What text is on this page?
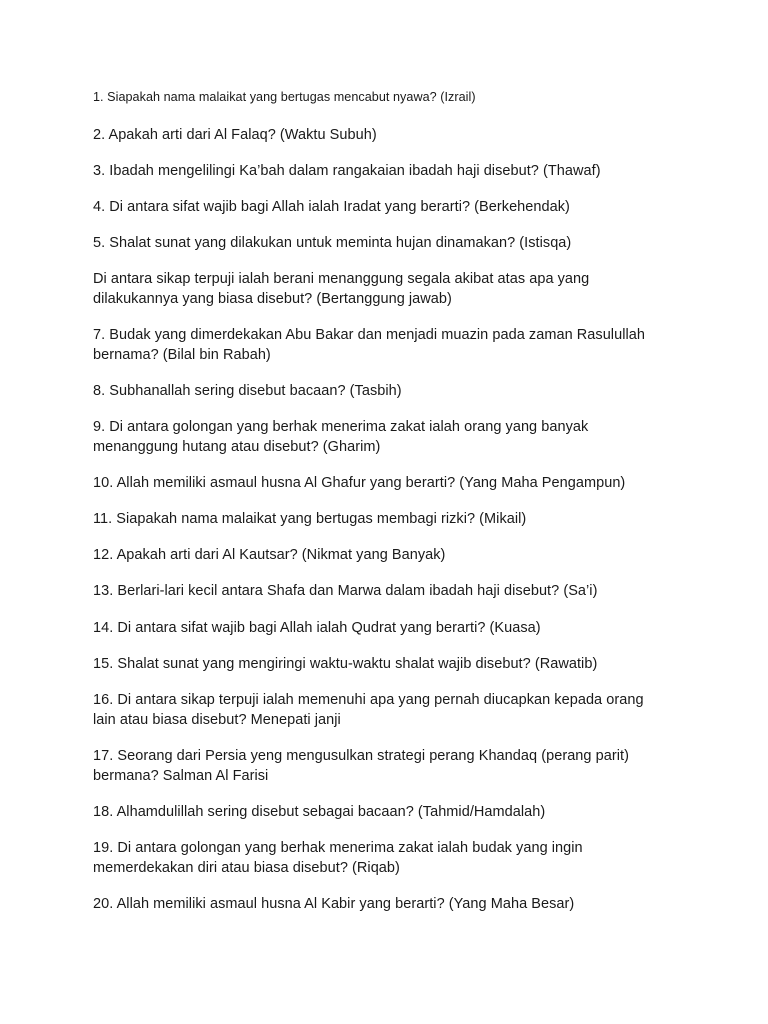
1. Siapakah nama malaikat yang bertugas mencabut nyawa? (Izrail)
2. Apakah arti dari Al Falaq? (Waktu Subuh)
3. Ibadah mengelilingi Ka’bah dalam rangakaian ibadah haji disebut? (Thawaf)
4. Di antara sifat wajib bagi Allah ialah Iradat yang berarti? (Berkehendak)
5. Shalat sunat yang dilakukan untuk meminta hujan dinamakan? (Istisqa)
Di antara sikap terpuji ialah berani menanggung segala akibat atas apa yang
dilakukannya yang biasa disebut? (Bertanggung jawab)
7. Budak yang dimerdekakan Abu Bakar dan menjadi muazin pada zaman Rasulullah
bernama? (Bilal bin Rabah)
8. Subhanallah sering disebut bacaan? (Tasbih)
9. Di antara golongan yang berhak menerima zakat ialah orang yang banyak
menanggung hutang atau disebut? (Gharim)
10. Allah memiliki asmaul husna Al Ghafur yang berarti? (Yang Maha Pengampun)
11. Siapakah nama malaikat yang bertugas membagi rizki? (Mikail)
12. Apakah arti dari Al Kautsar? (Nikmat yang Banyak)
13. Berlari-lari kecil antara Shafa dan Marwa dalam ibadah haji disebut? (Sa’i)
14. Di antara sifat wajib bagi Allah ialah Qudrat yang berarti? (Kuasa)
15. Shalat sunat yang mengiringi waktu-waktu shalat wajib disebut? (Rawatib)
16. Di antara sikap terpuji ialah memenuhi apa yang pernah diucapkan kepada orang
lain atau biasa disebut? Menepati janji
17. Seorang dari Persia yeng mengusulkan strategi perang Khandaq (perang parit)
bermana? Salman Al Farisi
18. Alhamdulillah sering disebut sebagai bacaan? (Tahmid/Hamdalah)
19. Di antara golongan yang berhak menerima zakat ialah budak yang ingin
memerdekakan diri atau biasa disebut? (Riqab)
20. Allah memiliki asmaul husna Al Kabir yang berarti? (Yang Maha Besar)
